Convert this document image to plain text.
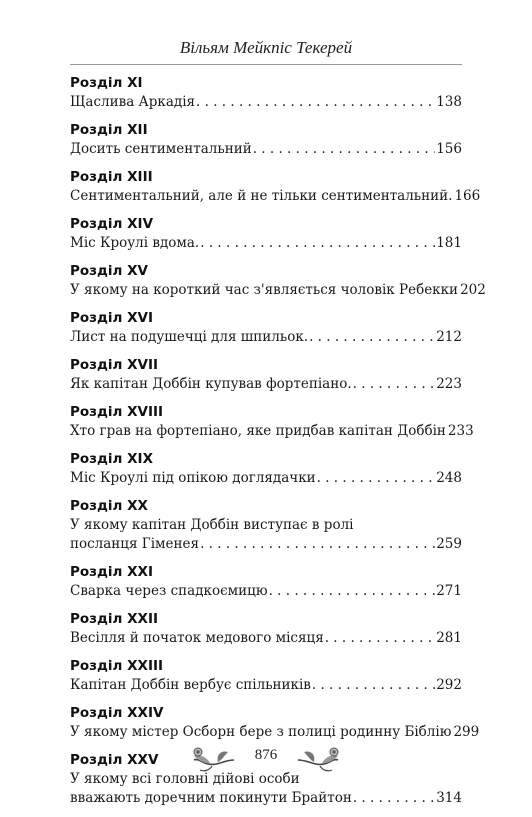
Вільям Мейкпіс Текерей
Розділ XI
Щаслива Аркадія . . .	138
Розділ XII
Досить сентиментальний . . .	156
Розділ XIII
Сентиментальний, але й не тільки сентиментальний. 166
Розділ XIV
Міс Кроулі вдома. . . .	181
Розділ XV
У якому на короткий час з'являється чоловік Ребекки 202
Розділ XVI
Лист на подушечці для шпильок. . . .	212
Розділ XVII
Як капітан Доббін купував фортепіано. . . .	223
Розділ XVIII
Хто грав на фортепіано, яке придбав капітан Доббін 233
Розділ XIX
Міс Кроулі під опікою доглядачки . . .	248
Розділ XX
У якому капітан Доббін виступає в ролі
посланця Гіменея . . .	259
Розділ XXI
Сварка через спадкоємицю . . .	271
Розділ XXII
Весілля й початок медового місяця . . .	281
Розділ XXIII
Капітан Доббін вербує спільників . . .	292
Розділ XXIV
У якому містер Осборн бере з полиці родинну Біблію 299
Розділ XXV
У якому всі головні дійові особи
вважають доречним покинути Брайтон . . .	314
876
